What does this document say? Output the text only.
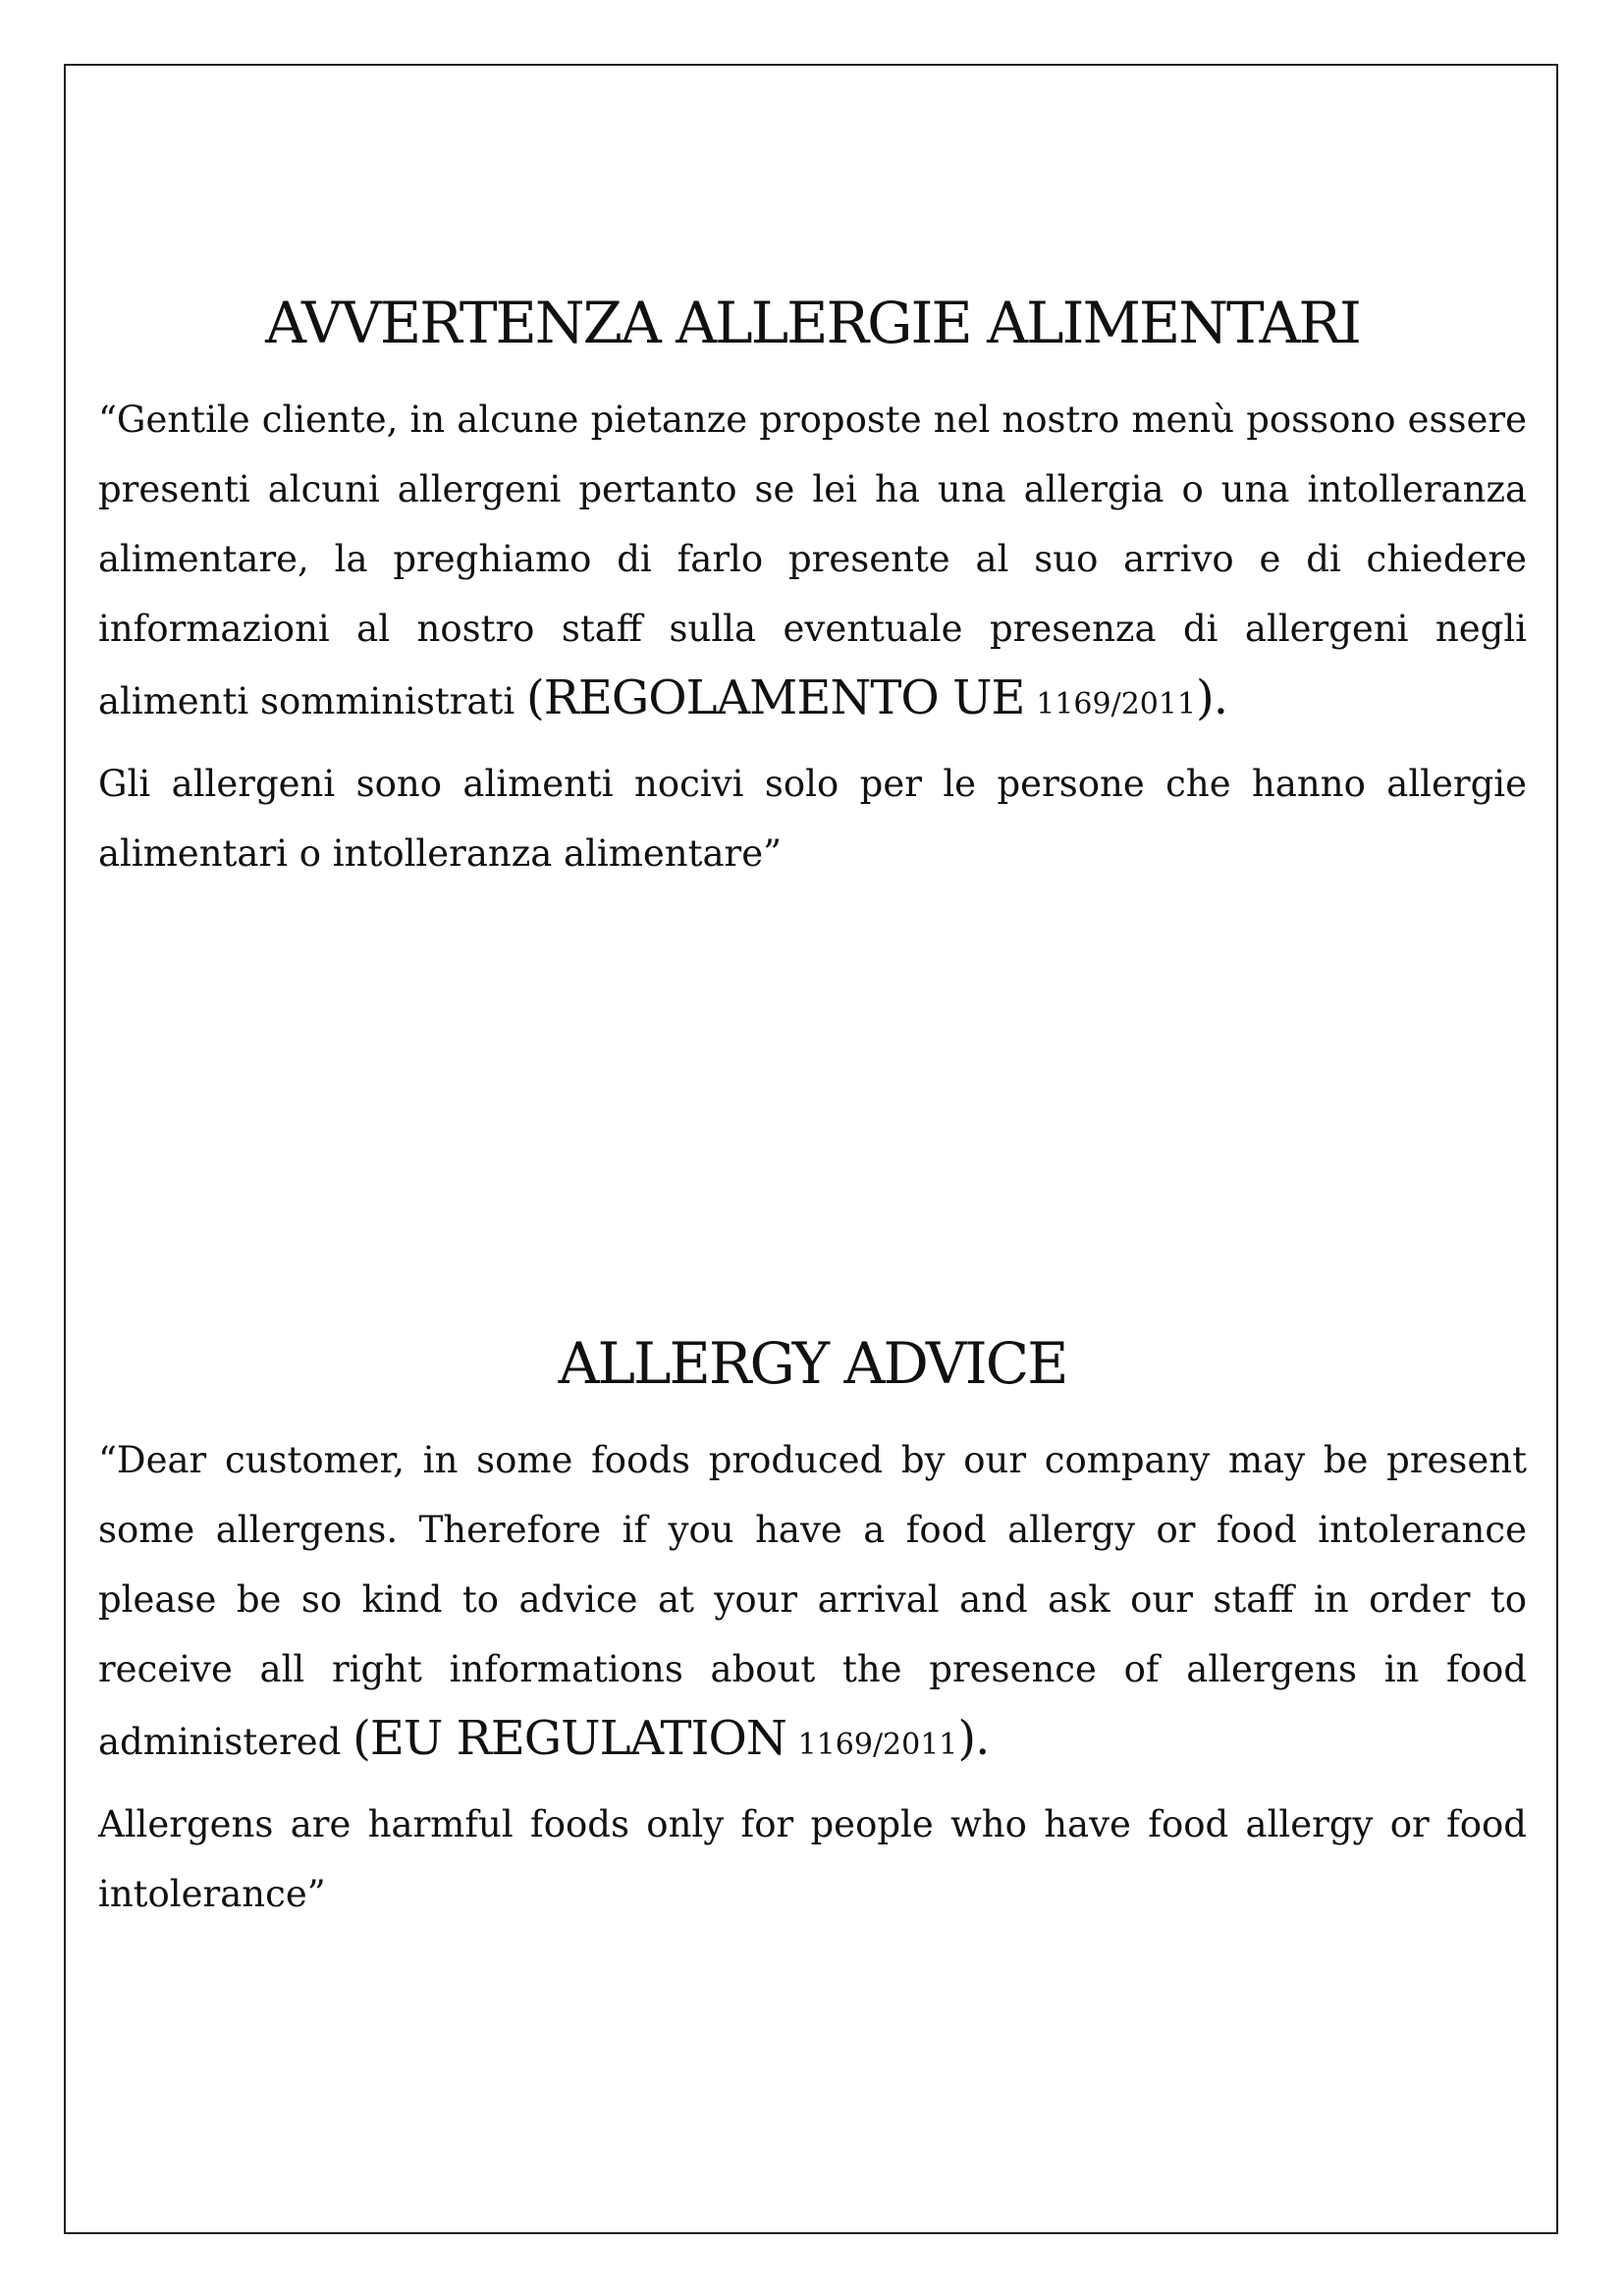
AVVERTENZA ALLERGIE ALIMENTARI

“Gentile cliente, in alcune pietanze proposte nel nostro menù possono essere presenti alcuni allergeni pertanto se lei ha una allergia o una intolleranza alimentare, la preghiamo di farlo presente al suo arrivo e di chiedere informazioni al nostro staff sulla eventuale presenza di allergeni negli alimenti somministrati (REGOLAMENTO UE 1169/2011).

Gli allergeni sono alimenti nocivi solo per le persone che hanno allergie alimentari o intolleranza alimentare”

ALLERGY ADVICE

“Dear customer, in some foods produced by our company may be present some allergens. Therefore if you have a food allergy or food intolerance please be so kind to advice at your arrival and ask our staff in order to receive all right informations about the presence of allergens in food administered (EU REGULATION 1169/2011).

Allergens are harmful foods only for people who have food allergy or food intolerance”
